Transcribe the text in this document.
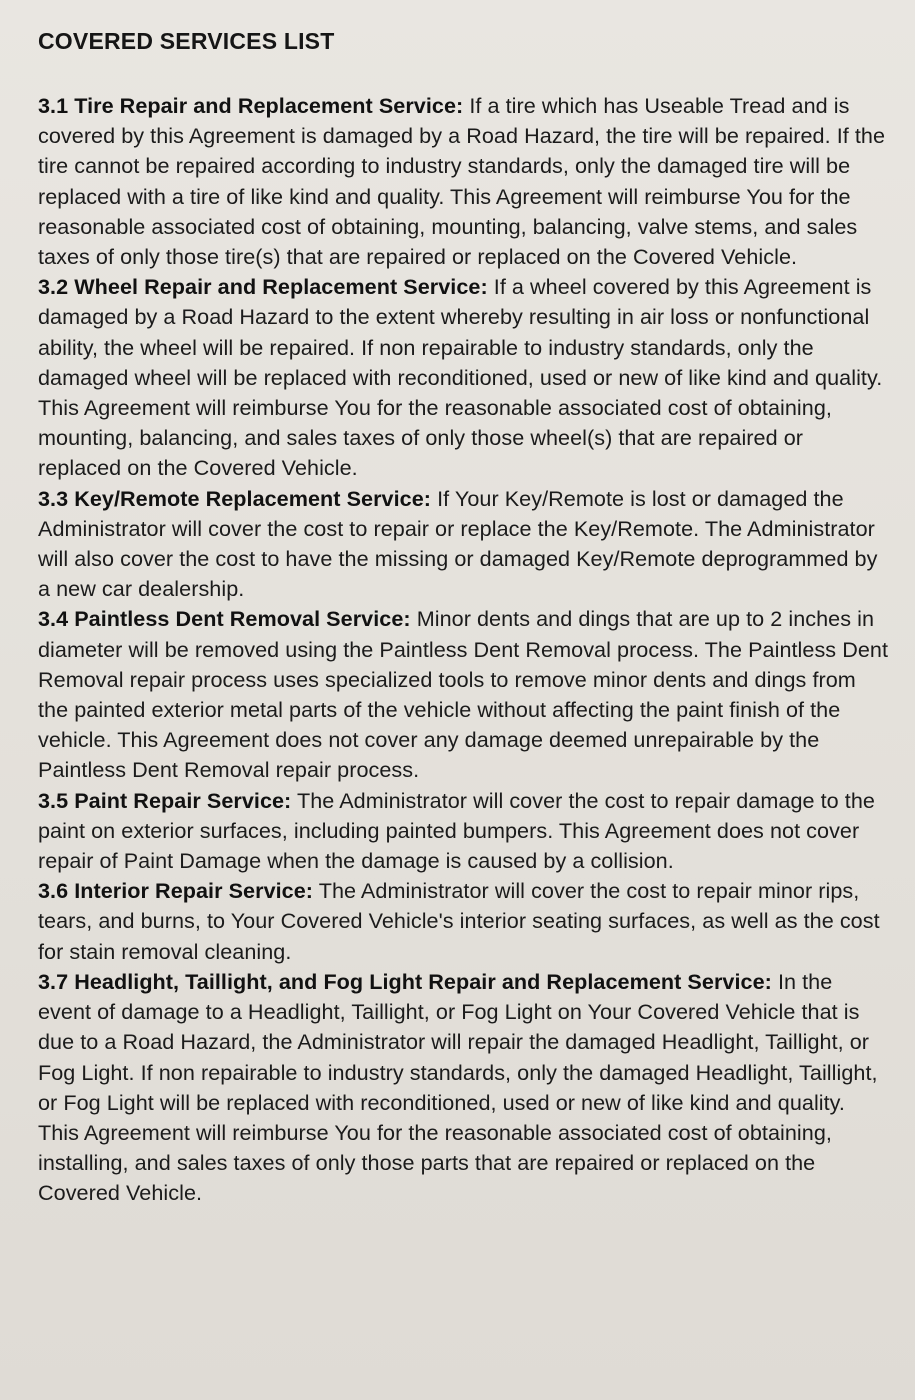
COVERED SERVICES LIST

3.1 Tire Repair and Replacement Service: If a tire which has Useable Tread and is covered by this Agreement is damaged by a Road Hazard, the tire will be repaired. If the tire cannot be repaired according to industry standards, only the damaged tire will be replaced with a tire of like kind and quality. This Agreement will reimburse You for the reasonable associated cost of obtaining, mounting, balancing, valve stems, and sales taxes of only those tire(s) that are repaired or replaced on the Covered Vehicle.

3.2 Wheel Repair and Replacement Service: If a wheel covered by this Agreement is damaged by a Road Hazard to the extent whereby resulting in air loss or nonfunctional ability, the wheel will be repaired. If non repairable to industry standards, only the damaged wheel will be replaced with reconditioned, used or new of like kind and quality. This Agreement will reimburse You for the reasonable associated cost of obtaining, mounting, balancing, and sales taxes of only those wheel(s) that are repaired or replaced on the Covered Vehicle.

3.3 Key/Remote Replacement Service: If Your Key/Remote is lost or damaged the Administrator will cover the cost to repair or replace the Key/Remote. The Administrator will also cover the cost to have the missing or damaged Key/Remote deprogrammed by a new car dealership.

3.4 Paintless Dent Removal Service: Minor dents and dings that are up to 2 inches in diameter will be removed using the Paintless Dent Removal process. The Paintless Dent Removal repair process uses specialized tools to remove minor dents and dings from the painted exterior metal parts of the vehicle without affecting the paint finish of the vehicle. This Agreement does not cover any damage deemed unrepairable by the Paintless Dent Removal repair process.

3.5 Paint Repair Service: The Administrator will cover the cost to repair damage to the paint on exterior surfaces, including painted bumpers. This Agreement does not cover repair of Paint Damage when the damage is caused by a collision.

3.6 Interior Repair Service: The Administrator will cover the cost to repair minor rips, tears, and burns, to Your Covered Vehicle's interior seating surfaces, as well as the cost for stain removal cleaning.

3.7 Headlight, Taillight, and Fog Light Repair and Replacement Service: In the event of damage to a Headlight, Taillight, or Fog Light on Your Covered Vehicle that is due to a Road Hazard, the Administrator will repair the damaged Headlight, Taillight, or Fog Light. If non repairable to industry standards, only the damaged Headlight, Taillight, or Fog Light will be replaced with reconditioned, used or new of like kind and quality. This Agreement will reimburse You for the reasonable associated cost of obtaining, installing, and sales taxes of only those parts that are repaired or replaced on the Covered Vehicle.
